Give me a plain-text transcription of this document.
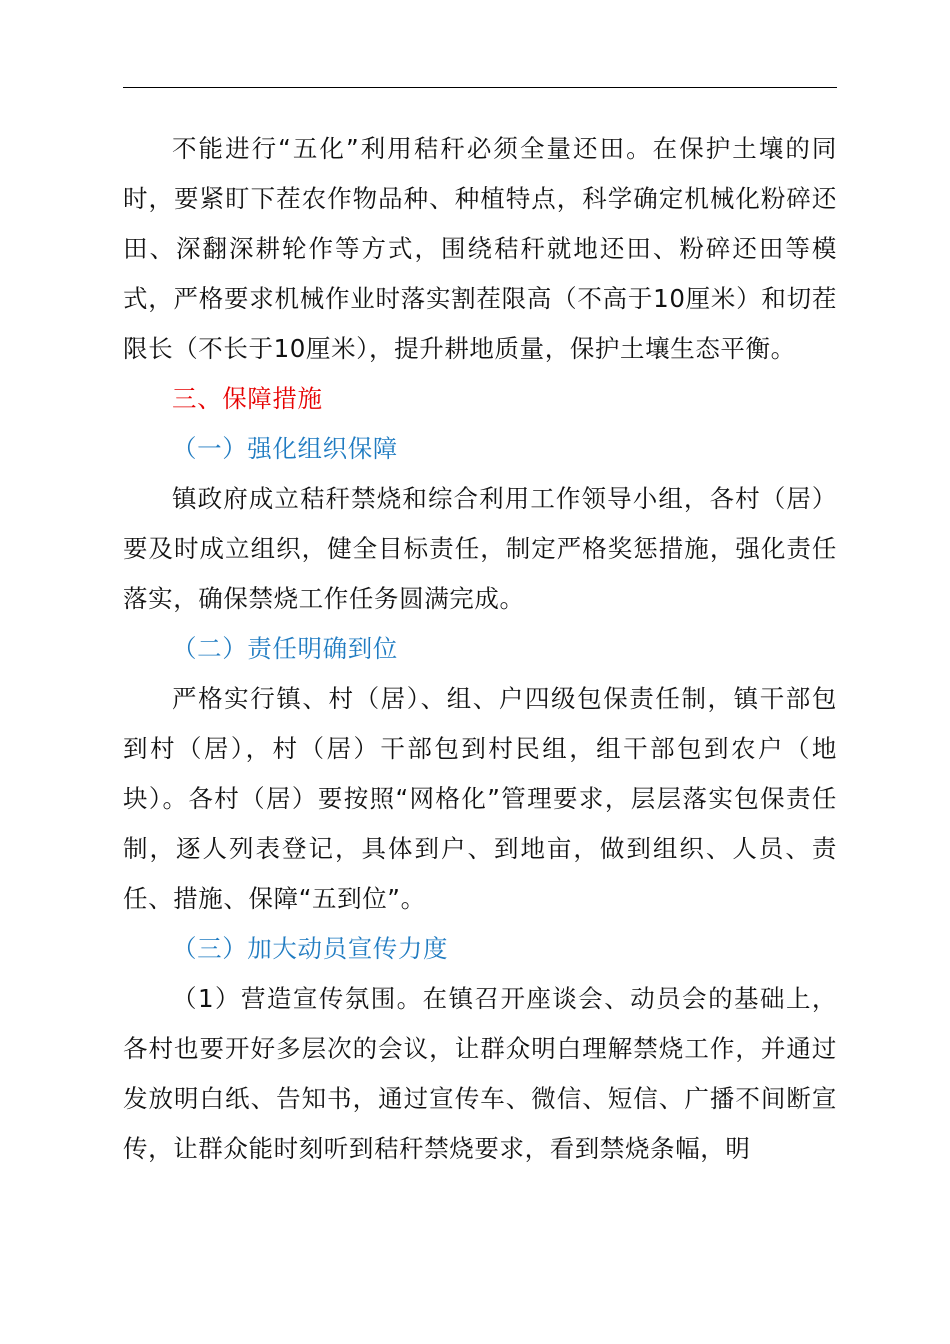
不能进行“五化”利用秸秆必须全量还田。在保护土壤的同时，要紧盯下茬农作物品种、种植特点，科学确定机械化粉碎还田、深翻深耕轮作等方式，围绕秸秆就地还田、粉碎还田等模式，严格要求机械作业时落实割茬限高（不高于10厘米）和切茬限长（不长于10厘米），提升耕地质量，保护土壤生态平衡。

三、保障措施

（一）强化组织保障

镇政府成立秸秆禁烧和综合利用工作领导小组，各村（居）要及时成立组织，健全目标责任，制定严格奖惩措施，强化责任落实，确保禁烧工作任务圆满完成。

（二）责任明确到位

严格实行镇、村（居）、组、户四级包保责任制，镇干部包到村（居），村（居）干部包到村民组，组干部包到农户（地块）。各村（居）要按照“网格化”管理要求，层层落实包保责任制，逐人列表登记，具体到户、到地亩，做到组织、人员、责任、措施、保障“五到位”。

（三）加大动员宣传力度

（1）营造宣传氛围。在镇召开座谈会、动员会的基础上，各村也要开好多层次的会议，让群众明白理解禁烧工作，并通过发放明白纸、告知书，通过宣传车、微信、短信、广播不间断宣传，让群众能时刻听到秸秆禁烧要求，看到禁烧条幅，明
